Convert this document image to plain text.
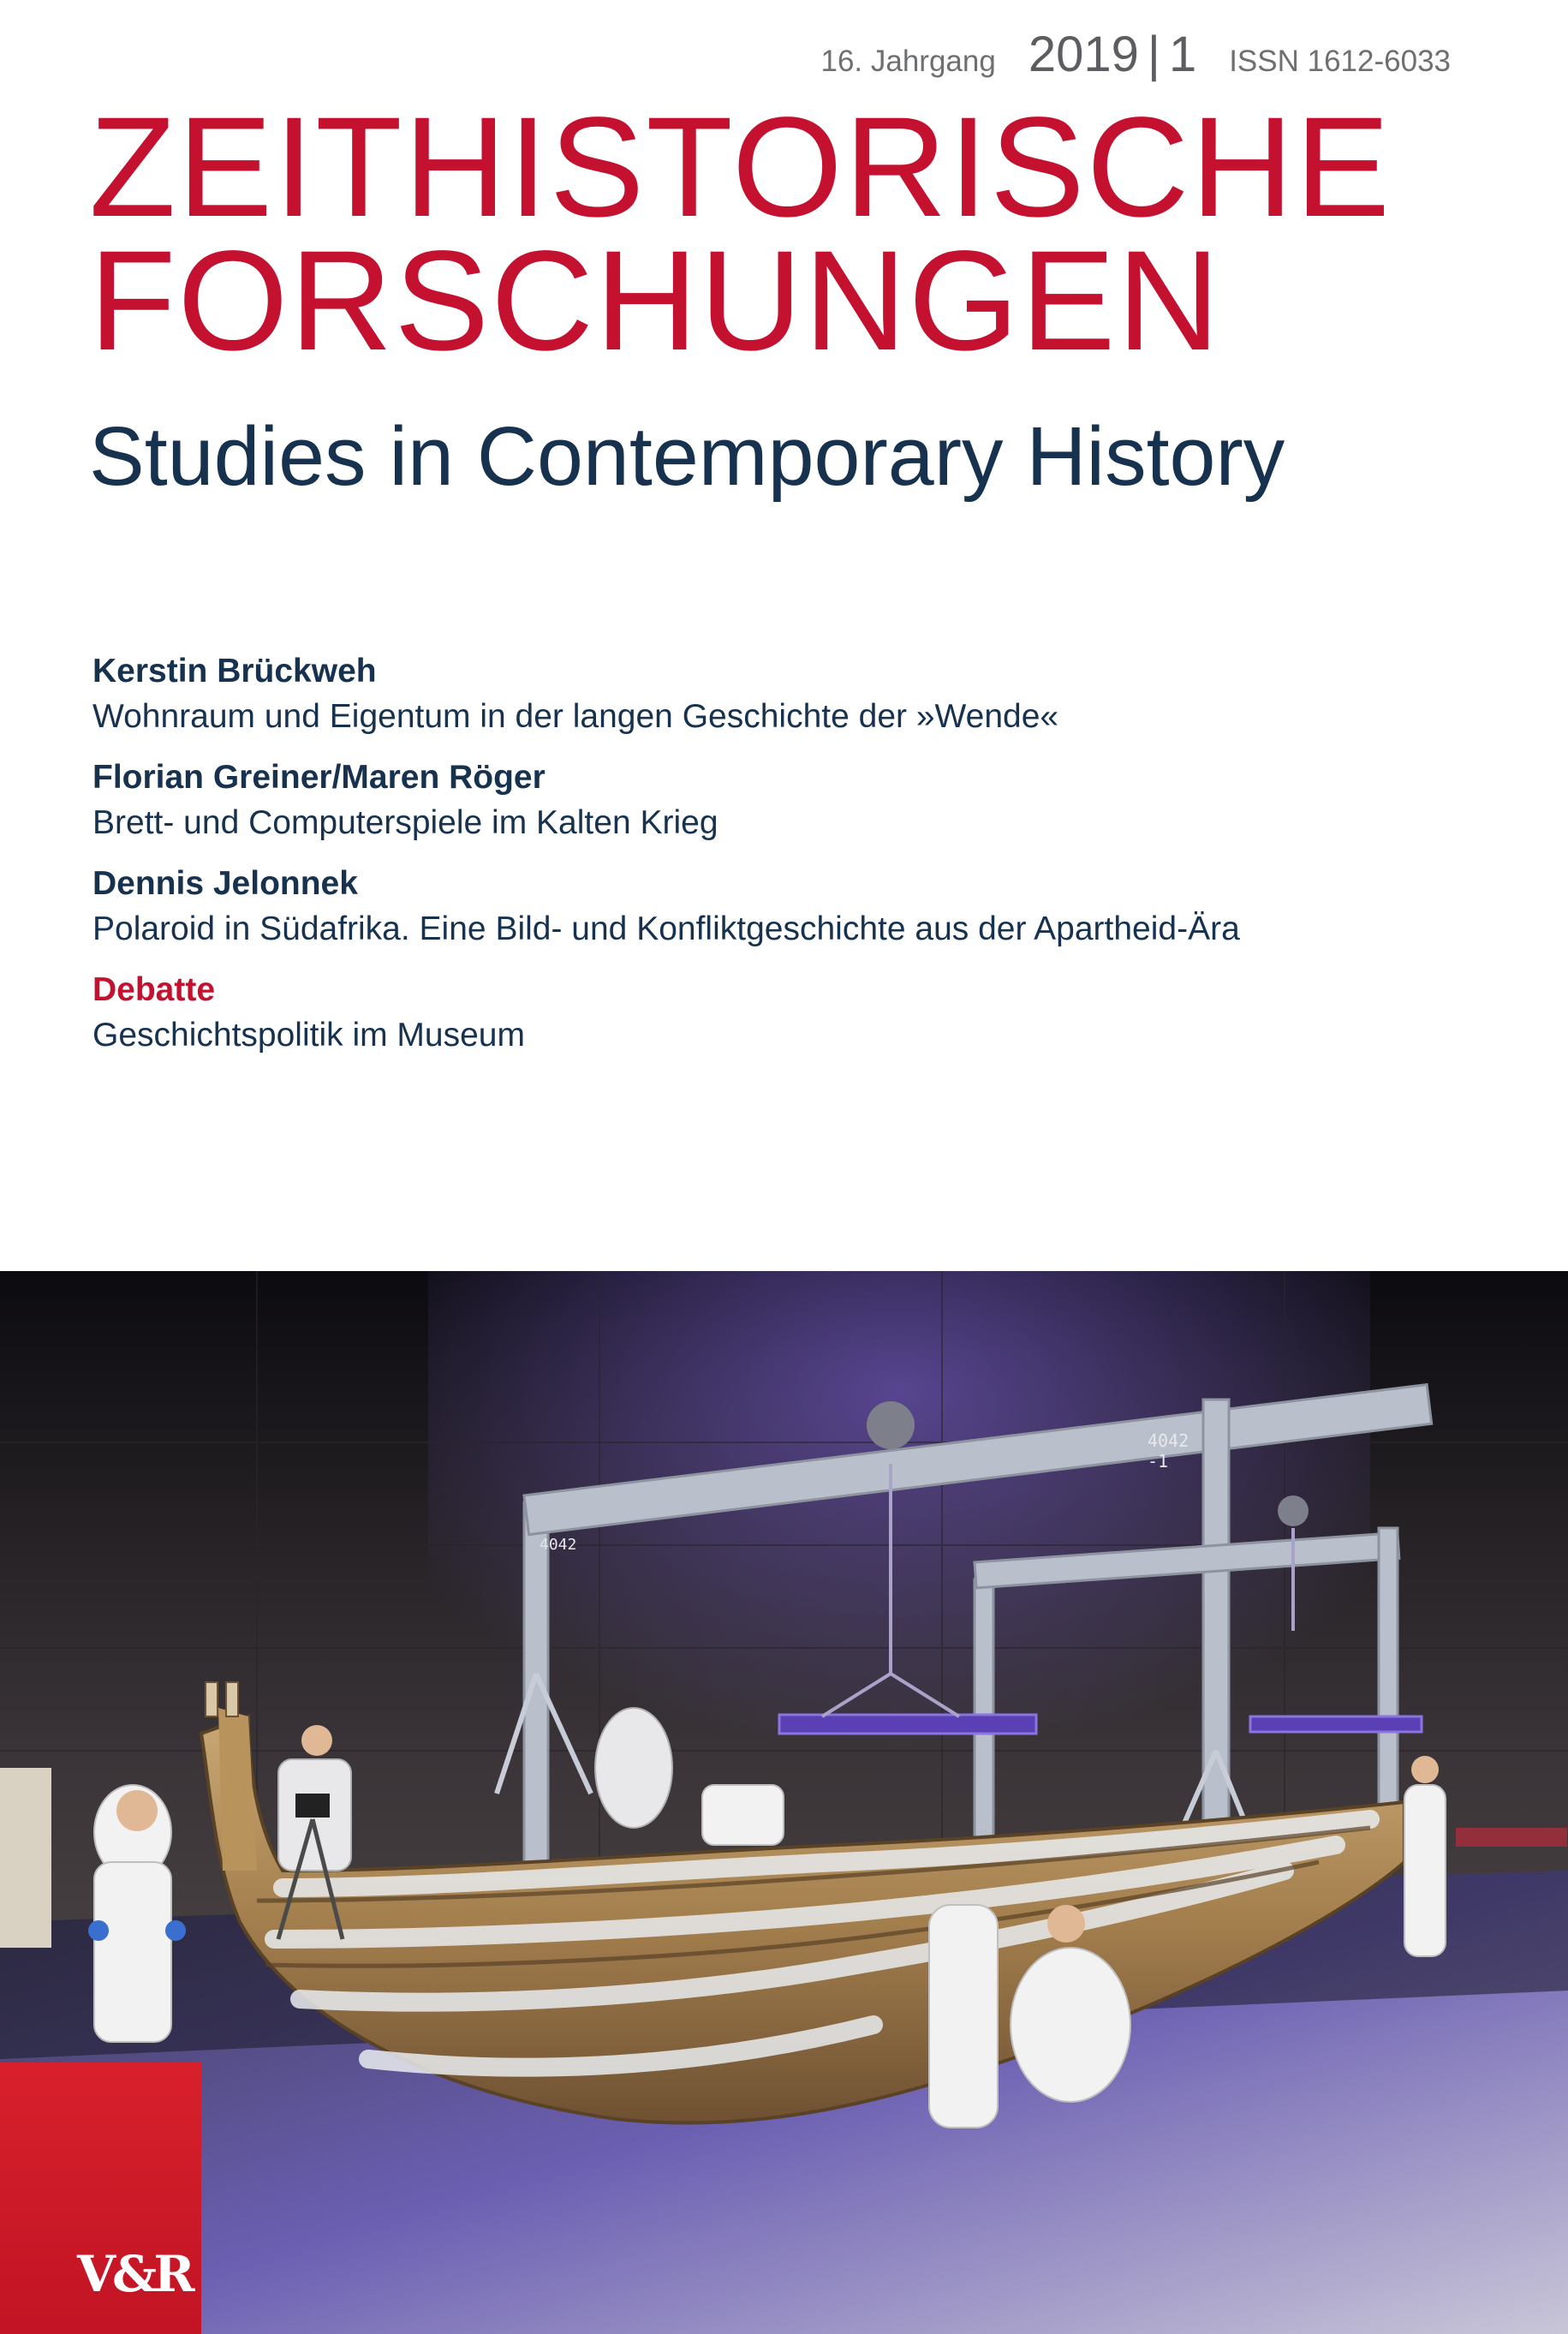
16. Jahrgang 2019 | 1 ISSN 1612-6033
ZEITHISTORISCHE
FORSCHUNGEN
Studies in Contemporary History
Kerstin Brückweh
Wohnraum und Eigentum in der langen Geschichte der »Wende«
Florian Greiner/Maren Röger
Brett- und Computerspiele im Kalten Krieg
Dennis Jelonnek
Polaroid in Südafrika. Eine Bild- und Konfliktgeschichte aus der Apartheid-Ära
Debatte
Geschichtspolitik im Museum
4042
4042 -1
V&R
